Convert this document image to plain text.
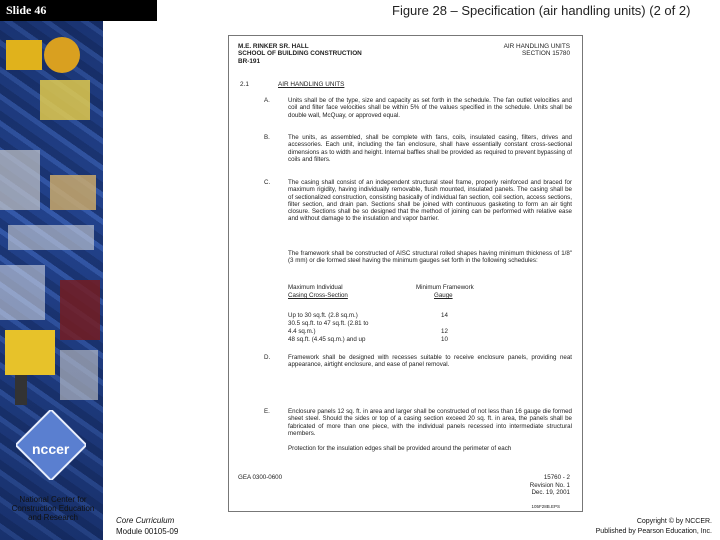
nccer
Slide 46	Figure 28 – Specification (air handling units) (2 of 2)
National Center for Construction Education and Research	Core Curriculum
Module 00105-09
Copyright © by NCCER.
Published by Pearson Education, Inc.
M.E. RINKER SR. HALL
SCHOOL OF BUILDING CONSTRUCTION
BR-191
AIR HANDLING UNITS
SECTION 15780
2.1	AIR HANDLING UNITS
A.	Units shall be of the type, size and capacity as set forth in the schedule. The fan outlet velocities and coil and filter face velocities shall be within 5% of the values specified in the schedule. Units shall be double wall, McQuay, or approved equal.
B.	The units, as assembled, shall be complete with fans, coils, insulated casing, filters, drives and accessories. Each unit, including the fan enclosure, shall have essentially constant cross-sectional dimensions as to width and height. Internal baffles shall be provided as required to prevent bypassing of coils and filters.
C.	The casing shall consist of an independent structural steel frame, properly reinforced and braced for maximum rigidity, having individually removable, flush mounted, insulated panels. The casing shall be of sectionalized construction, consisting basically of individual fan section, coil section, access sections, filter section, and drain pan. Sections shall be joined with continuous gasketing to form an air tight closure. Sections shall be so designed that the method of joining can be performed with relative ease and without damage to the insulation and vapor barrier.
The framework shall be constructed of AISC structural rolled shapes having minimum thickness of 1/8" (3 mm) or die formed steel having the minimum gauges set forth in the following schedules:
Maximum Individual	Minimum Framework
Casing Cross-Section	Gauge
Up to 30 sq.ft. (2.8 sq.m.)	14
30.5 sq.ft. to 47 sq.ft. (2.81 to
4.4 sq.m.)	12
48 sq.ft. (4.45 sq.m.) and up	10
D.	Framework shall be designed with recesses suitable to receive enclosure panels, providing neat appearance, airtight enclosure, and ease of panel removal.
E.	Enclosure panels 12 sq. ft. in area and larger shall be constructed of not less than 16 gauge die formed sheet steel. Should the sides or top of a casing section exceed 20 sq. ft. in area, the panels shall be fabricated of more than one piece, with the individual panels recessed into intermediate structural members.
Protection for the insulation edges shall be provided around the perimeter of each
GEA 0300-0600	15760 - 2
Revision No. 1
Dec. 19, 2001
105F28B.EPS
